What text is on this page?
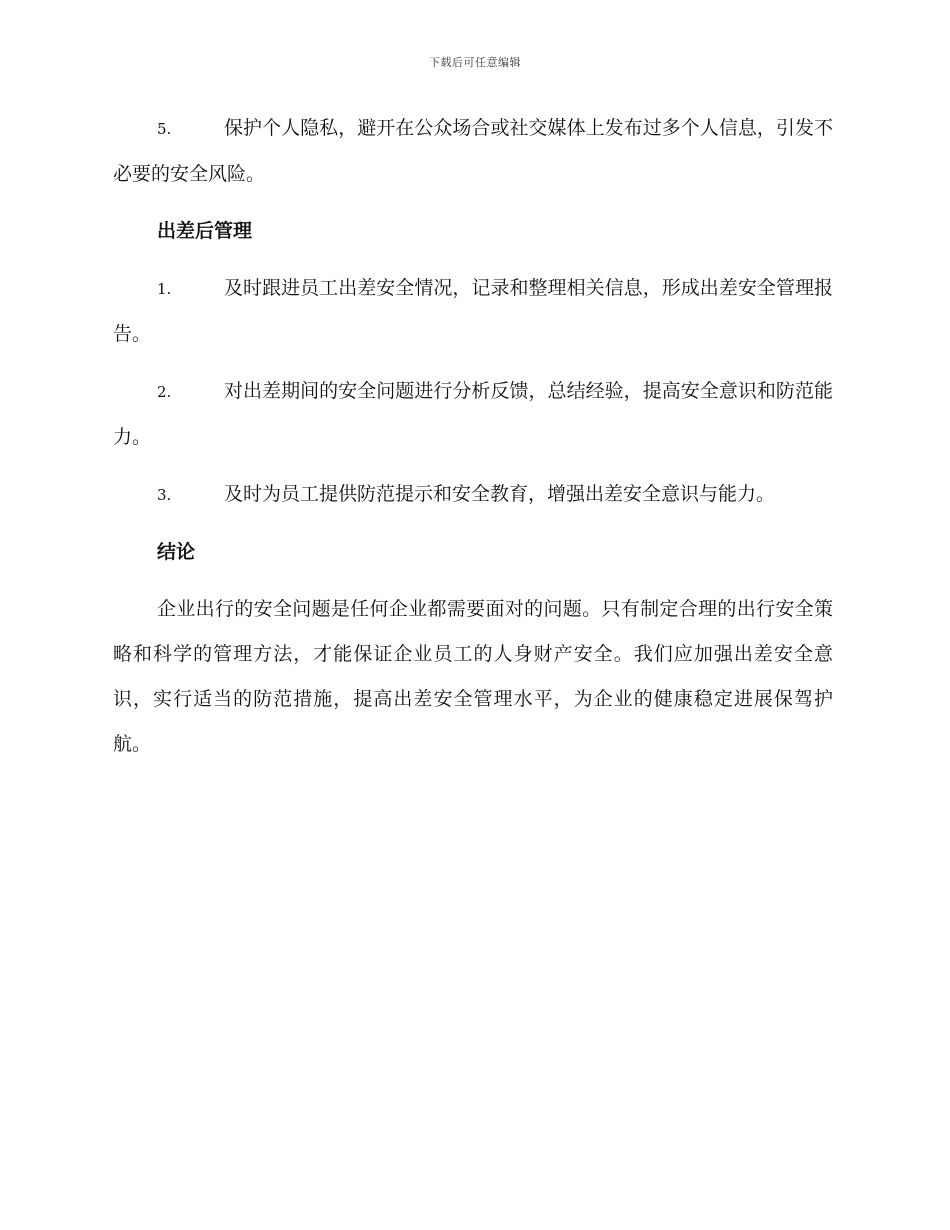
下载后可任意编辑

5.	保护个人隐私，避开在公众场合或社交媒体上发布过多个人信息，引发不必要的安全风险。

出差后管理

1.	及时跟进员工出差安全情况，记录和整理相关信息，形成出差安全管理报告。

2.	对出差期间的安全问题进行分析反馈，总结经验，提高安全意识和防范能力。

3.	及时为员工提供防范提示和安全教育，增强出差安全意识与能力。

结论

企业出行的安全问题是任何企业都需要面对的问题。只有制定合理的出行安全策略和科学的管理方法，才能保证企业员工的人身财产安全。我们应加强出差安全意识，实行适当的防范措施，提高出差安全管理水平，为企业的健康稳定进展保驾护航。
